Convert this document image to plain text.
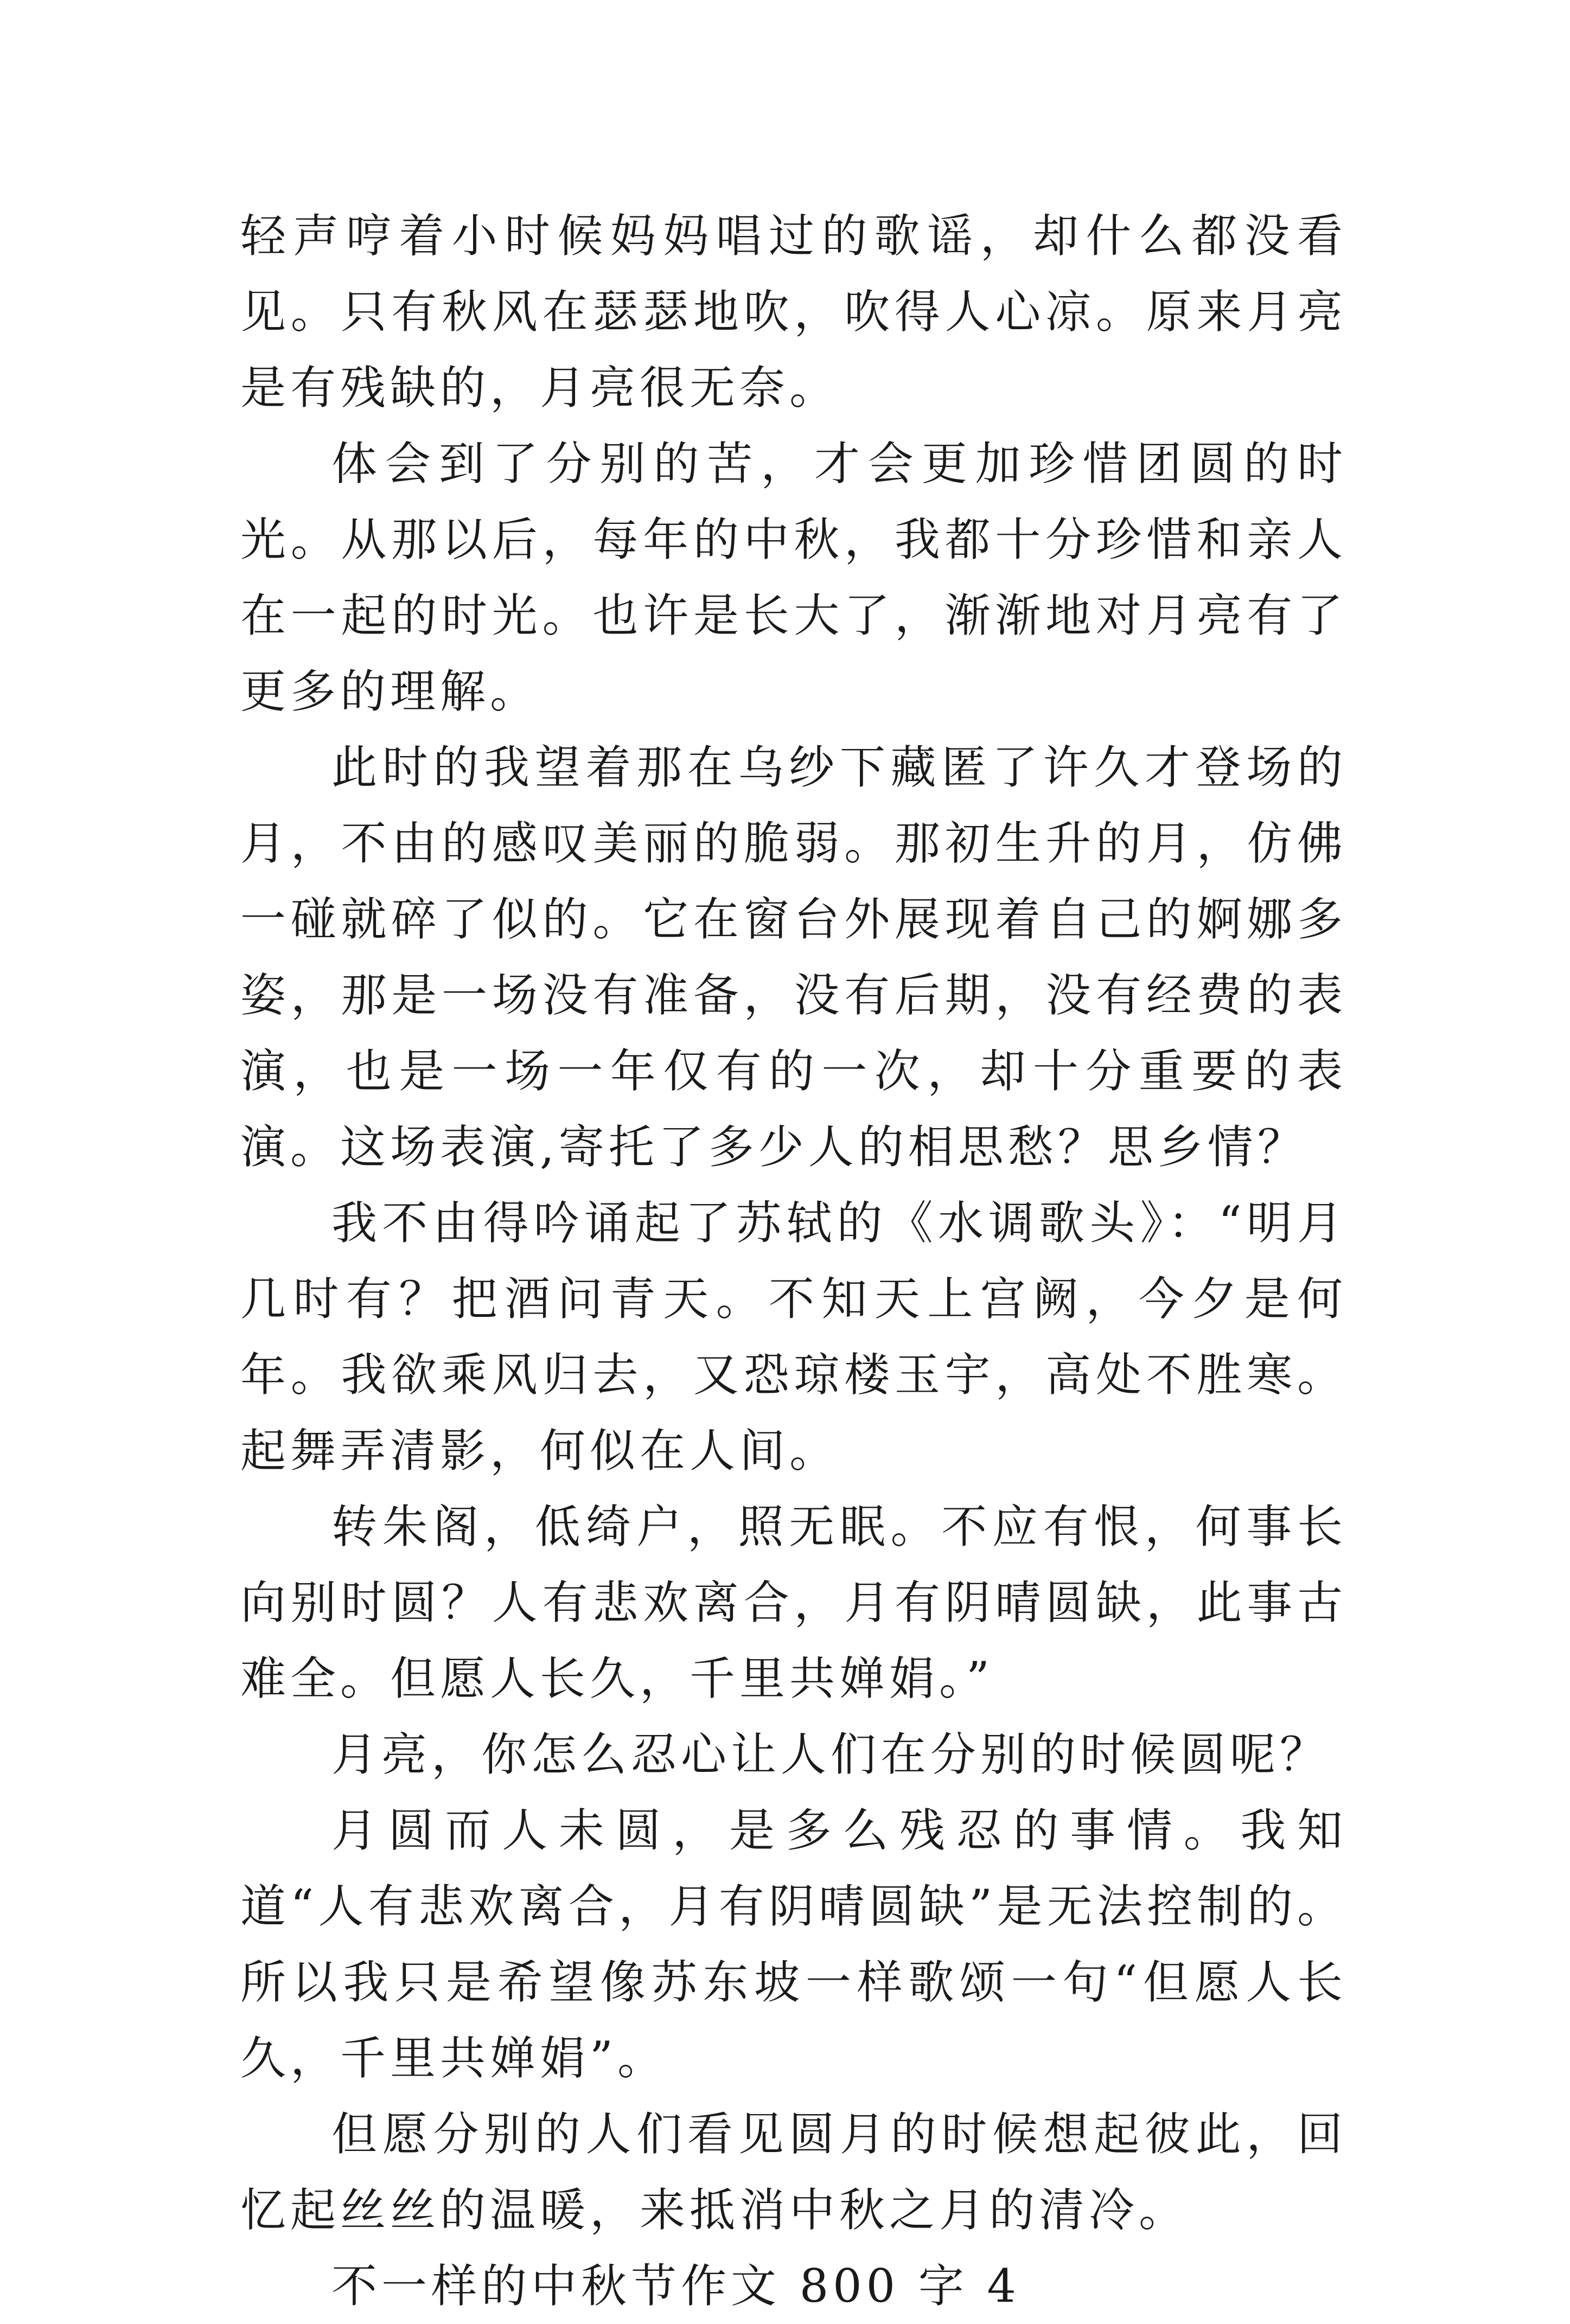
轻声哼着小时候妈妈唱过的歌谣，却什么都没看见。只有秋风在瑟瑟地吹，吹得人心凉。原来月亮是有残缺的，月亮很无奈。

体会到了分别的苦，才会更加珍惜团圆的时光。从那以后，每年的中秋，我都十分珍惜和亲人在一起的时光。也许是长大了，渐渐地对月亮有了更多的理解。

此时的我望着那在乌纱下藏匿了许久才登场的月，不由的感叹美丽的脆弱。那初生升的月，仿佛一碰就碎了似的。它在窗台外展现着自己的婀娜多姿，那是一场没有准备，没有后期，没有经费的表演，也是一场一年仅有的一次，却十分重要的表演。这场表演,寄托了多少人的相思愁？思乡情？

我不由得吟诵起了苏轼的《水调歌头》：“明月几时有？把酒问青天。不知天上宫阙，今夕是何年。我欲乘风归去，又恐琼楼玉宇，高处不胜寒。起舞弄清影，何似在人间。

转朱阁，低绮户，照无眠。不应有恨，何事长向别时圆？人有悲欢离合，月有阴晴圆缺，此事古难全。但愿人长久，千里共婵娟。”

月亮，你怎么忍心让人们在分别的时候圆呢？

月圆而人未圆，是多么残忍的事情。我知道“人有悲欢离合，月有阴晴圆缺”是无法控制的。所以我只是希望像苏东坡一样歌颂一句“但愿人长久，千里共婵娟”。

但愿分别的人们看见圆月的时候想起彼此，回忆起丝丝的温暖，来抵消中秋之月的清冷。

不一样的中秋节作文 800 字 4
